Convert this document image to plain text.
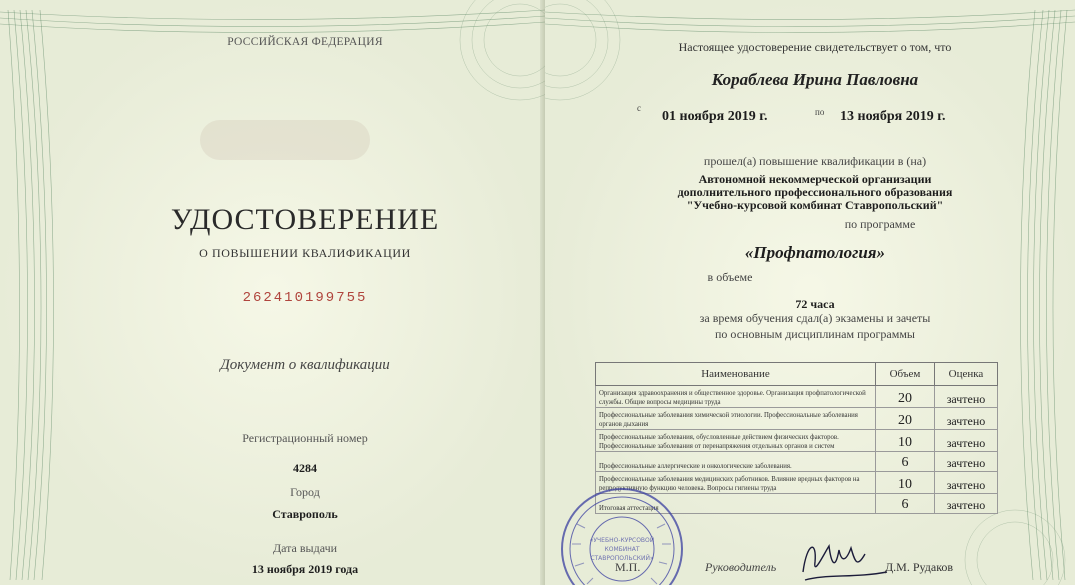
РОССИЙСКАЯ ФЕДЕРАЦИЯ
УДОСТОВЕРЕНИЕ
О ПОВЫШЕНИИ КВАЛИФИКАЦИИ
262410199755
Документ о квалификации
Регистрационный номер
4284
Город
Ставрополь
Дата выдачи
13 ноября 2019 года
Настоящее удостоверение свидетельствует о том, что
Кораблева Ирина Павловна
с
01 ноября 2019 г.	по 13 ноября 2019 г.
прошел(а) повышение квалификации в (на)
Автономной некоммерческой организации
дополнительного профессионального образования
"Учебно-курсовой комбинат Ставропольский"
по программе
«Профпатология»
в объеме
72 часа
за время обучения сдал(а) экзамены и зачеты
по основным дисциплинам программы
Наименование	Объем	Оценка
Организация здравоохранения и общественное здоровье. Организация профпатологической службы. Общие вопросы медицины труда	20	зачтено
Профессиональные заболевания химической этиологии. Профессиональные заболевания органов дыхания	20	зачтено
Профессиональные заболевания, обусловленные действием физических факторов. Профессиональные заболевания от перенапряжения отдельных органов и систем	10	зачтено
Профессиональные аллергические и онкологические заболевания.	6	зачтено
Профессиональные заболевания медицинских работников. Влияние вредных факторов на репродуктивную функцию человека. Вопросы гигиены труда	10	зачтено
Итоговая аттестация	6	зачтено
«УЧЕБНО-КУРСОВОЙ
КОМБИНАТ
СТАВРОПОЛЬСКИЙ»
М.П.	Руководитель	Д.М. Рудаков
